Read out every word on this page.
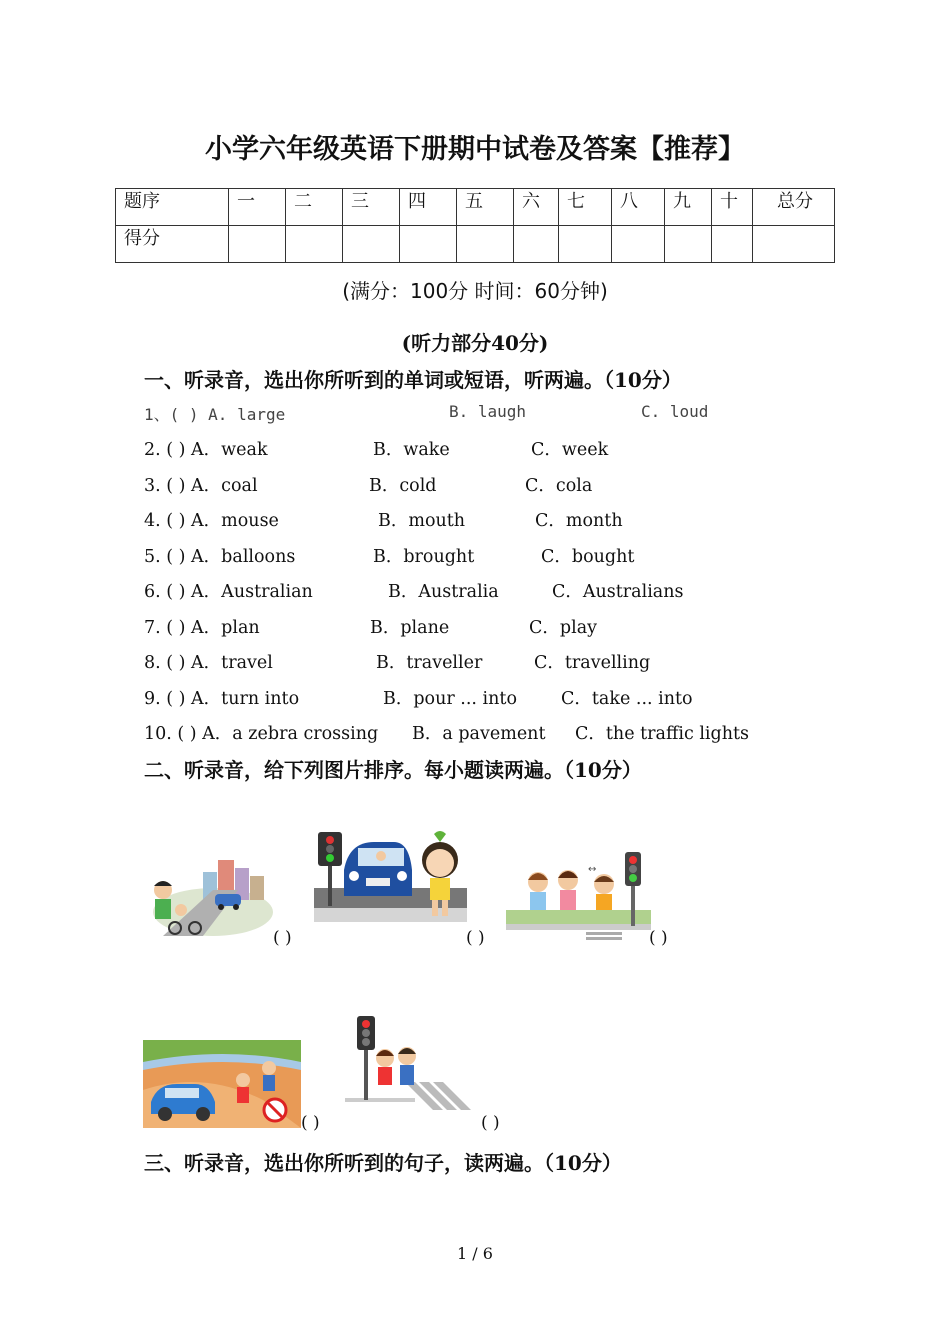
小学六年级英语下册期中试卷及答案【推荐】
题序	一	二	三	四	五	六	七	八	九	十	总分
得分											
(满分：100分 时间：60分钟)
(听力部分40分)
一、听录音，选出你所听到的单词或短语，听两遍。（10分）
1、( ) A. large	B. laugh	C. loud
2. ( ) A．weak	B．wake	C．week
3. ( ) A．coal	B．cold	C．cola
4. ( ) A．mouse	B．mouth	C．month
5. ( ) A．balloons	B．brought	C．bought
6. ( ) A．Australian	B．Australia	C．Australians
7. ( ) A．plan	B．plane	C．play
8. ( ) A．travel	B．traveller	C．travelling
9. ( ) A．turn into	B．pour ... into	C．take ... into
10. ( ) A．a zebra crossing B．a pavement C．the traffic lights
二、听录音，给下列图片排序。每小题读两遍。（10分）
↔
( )	( )	( )
( )	( )
三、听录音，选出你所听到的句子，读两遍。（10分）
1 / 6
